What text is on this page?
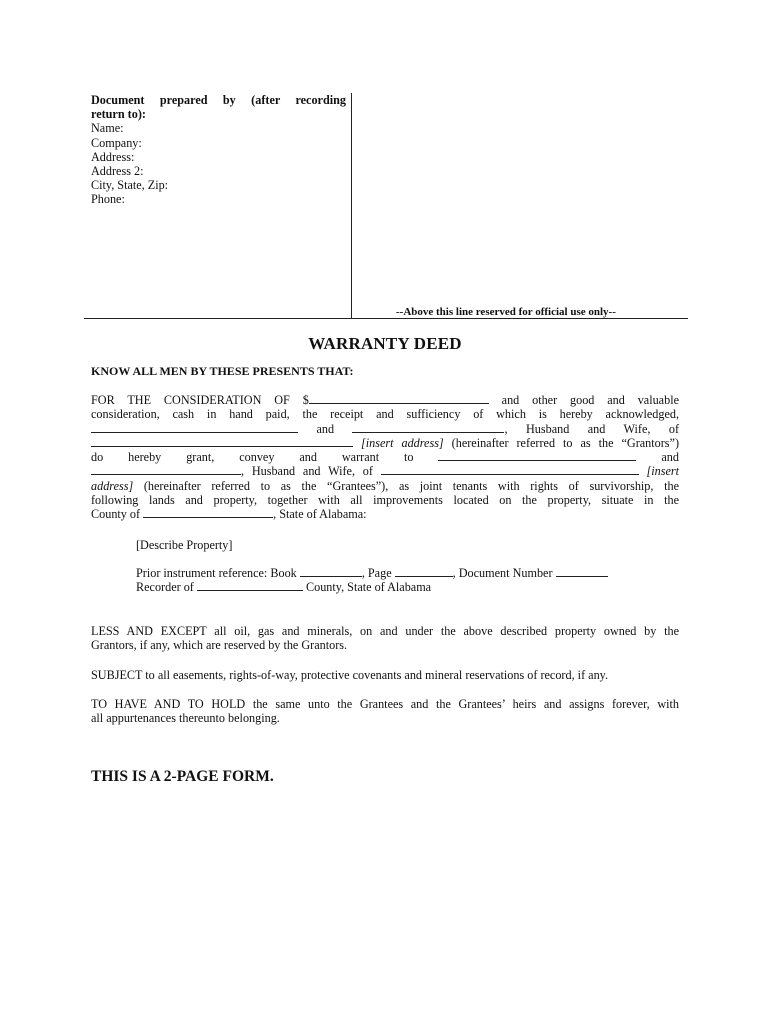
Document prepared by (after recording
return to):
Name:
Company:
Address:
Address 2:
City, State, Zip:
Phone:
--Above this line reserved for official use only--
WARRANTY DEED
KNOW ALL MEN BY THESE PRESENTS THAT:
FOR THE CONSIDERATION OF $	and other good and valuable
consideration, cash in hand paid, the receipt and sufficiency of which is hereby acknowledged,
and	, Husband and Wife, of
[insert address] (hereinafter referred to as the “Grantors”)
do hereby grant, convey and warrant to	and
, Husband and Wife, of	[insert
address] (hereinafter referred to as the “Grantees”), as joint tenants with rights of survivorship, the
following lands and property, together with all improvements located on the property, situate in the
County of	, State of Alabama:
[Describe Property]
Prior instrument reference: Book	, Page	, Document Number
Recorder of	County, State of Alabama
LESS AND EXCEPT all oil, gas and minerals, on and under the above described property owned by the
Grantors, if any, which are reserved by the Grantors.
SUBJECT to all easements, rights-of-way, protective covenants and mineral reservations of record, if any.
TO HAVE AND TO HOLD the same unto the Grantees and the Grantees’ heirs and assigns forever, with
all appurtenances thereunto belonging.
THIS IS A 2-PAGE FORM.
